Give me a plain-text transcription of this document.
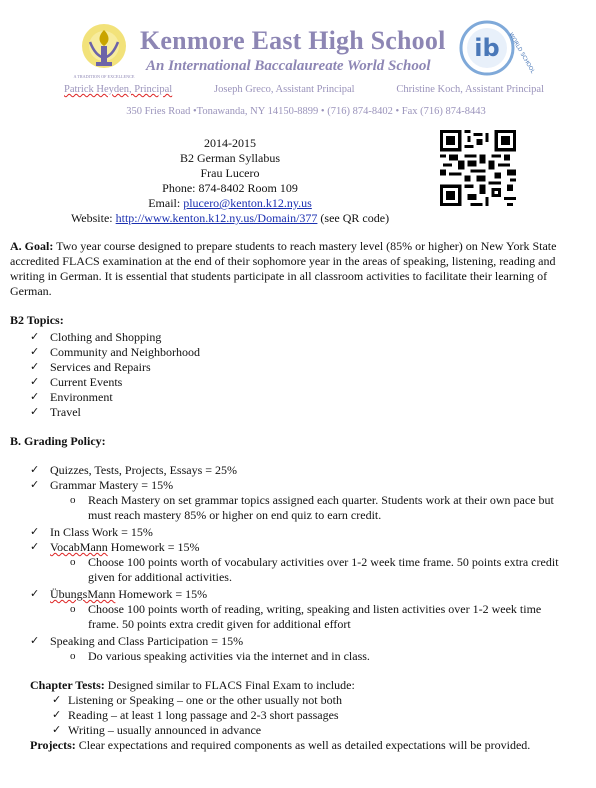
A TRADITION OF EXCELLENCE
Kenmore East High School
An International Baccalaureate World School
ib WORLD SCHOOL
Patrick Heyden, Principal	Joseph Greco, Assistant Principal	Christine Koch, Assistant Principal
350 Fries Road •Tonawanda, NY 14150-8899 • (716) 874-8402 • Fax (716) 874-8443
2014-2015
B2 German Syllabus
Frau Lucero
Phone: 874-8402 Room 109
Email: plucero@kenton.k12.ny.us
Website: http://www.kenton.k12.ny.us/Domain/377 (see QR code)

A. Goal: Two year course designed to prepare students to reach mastery level (85% or higher) on New York State accredited FLACS examination at the end of their sophomore year in the areas of speaking, listening, reading and writing in German. It is essential that students participate in all classroom activities to facilitate their learning of German.

B2 Topics:
✓ Clothing and Shopping
✓ Community and Neighborhood
✓ Services and Repairs
✓ Current Events
✓ Environment
✓ Travel
B. Grading Policy:
✓ Quizzes, Tests, Projects, Essays = 25%
✓ Grammar Mastery = 15%
o Reach Mastery on set grammar topics assigned each quarter. Students work at their own pace but must reach mastery 85% or higher on end quiz to earn credit.
✓ In Class Work = 15%
✓ VocabMann Homework = 15%
o Choose 100 points worth of vocabulary activities over 1-2 week time frame. 50 points extra credit given for additional activities.
✓ ÜbungsMann Homework = 15%
o Choose 100 points worth of reading, writing, speaking and listen activities over 1-2 week time frame. 50 points extra credit given for additional effort
✓ Speaking and Class Participation = 15%
o Do various speaking activities via the internet and in class.
Chapter Tests: Designed similar to FLACS Final Exam to include:
✓ Listening or Speaking – one or the other usually not both
✓ Reading – at least 1 long passage and 2-3 short passages
✓ Writing – usually announced in advance
Projects: Clear expectations and required components as well as detailed expectations will be provided.
